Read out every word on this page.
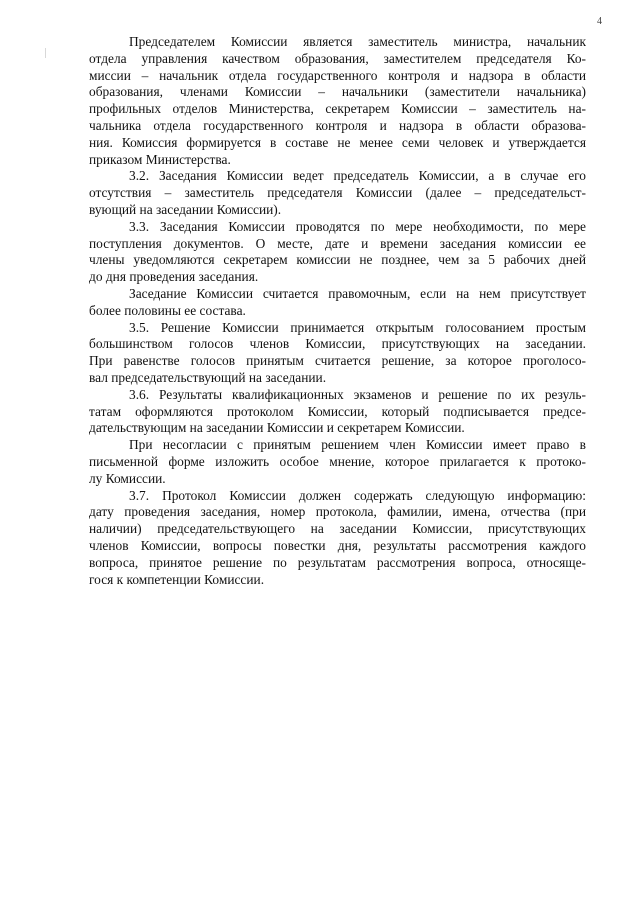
4
Председателем Комиссии является заместитель министра, начальник
отдела управления качеством образования, заместителем председателя Ко-
миссии – начальник отдела государственного контроля и надзора в области
образования, членами Комиссии – начальники (заместители начальника)
профильных отделов Министерства, секретарем Комиссии – заместитель на-
чальника отдела государственного контроля и надзора в области образова-
ния. Комиссия формируется в составе не менее семи человек и утверждается
приказом Министерства.
3.2. Заседания Комиссии ведет председатель Комиссии, а в случае его
отсутствия – заместитель председателя Комиссии (далее – председательст-
вующий на заседании Комиссии).
3.3. Заседания Комиссии проводятся по мере необходимости, по мере
поступления документов. О месте, дате и времени заседания комиссии ее
члены уведомляются секретарем комиссии не позднее, чем за 5 рабочих дней
до дня проведения заседания.
Заседание Комиссии считается правомочным, если на нем присутствует
более половины ее состава.
3.5. Решение Комиссии принимается открытым голосованием простым
большинством голосов членов Комиссии, присутствующих на заседании.
При равенстве голосов принятым считается решение, за которое проголосо-
вал председательствующий на заседании.
3.6. Результаты квалификационных экзаменов и решение по их резуль-
татам оформляются протоколом Комиссии, который подписывается предсе-
дательствующим на заседании Комиссии и секретарем Комиссии.
При несогласии с принятым решением член Комиссии имеет право в
письменной форме изложить особое мнение, которое прилагается к протоко-
лу Комиссии.
3.7. Протокол Комиссии должен содержать следующую информацию:
дату проведения заседания, номер протокола, фамилии, имена, отчества (при
наличии) председательствующего на заседании Комиссии, присутствующих
членов Комиссии, вопросы повестки дня, результаты рассмотрения каждого
вопроса, принятое решение по результатам рассмотрения вопроса, относяще-
гося к компетенции Комиссии.
